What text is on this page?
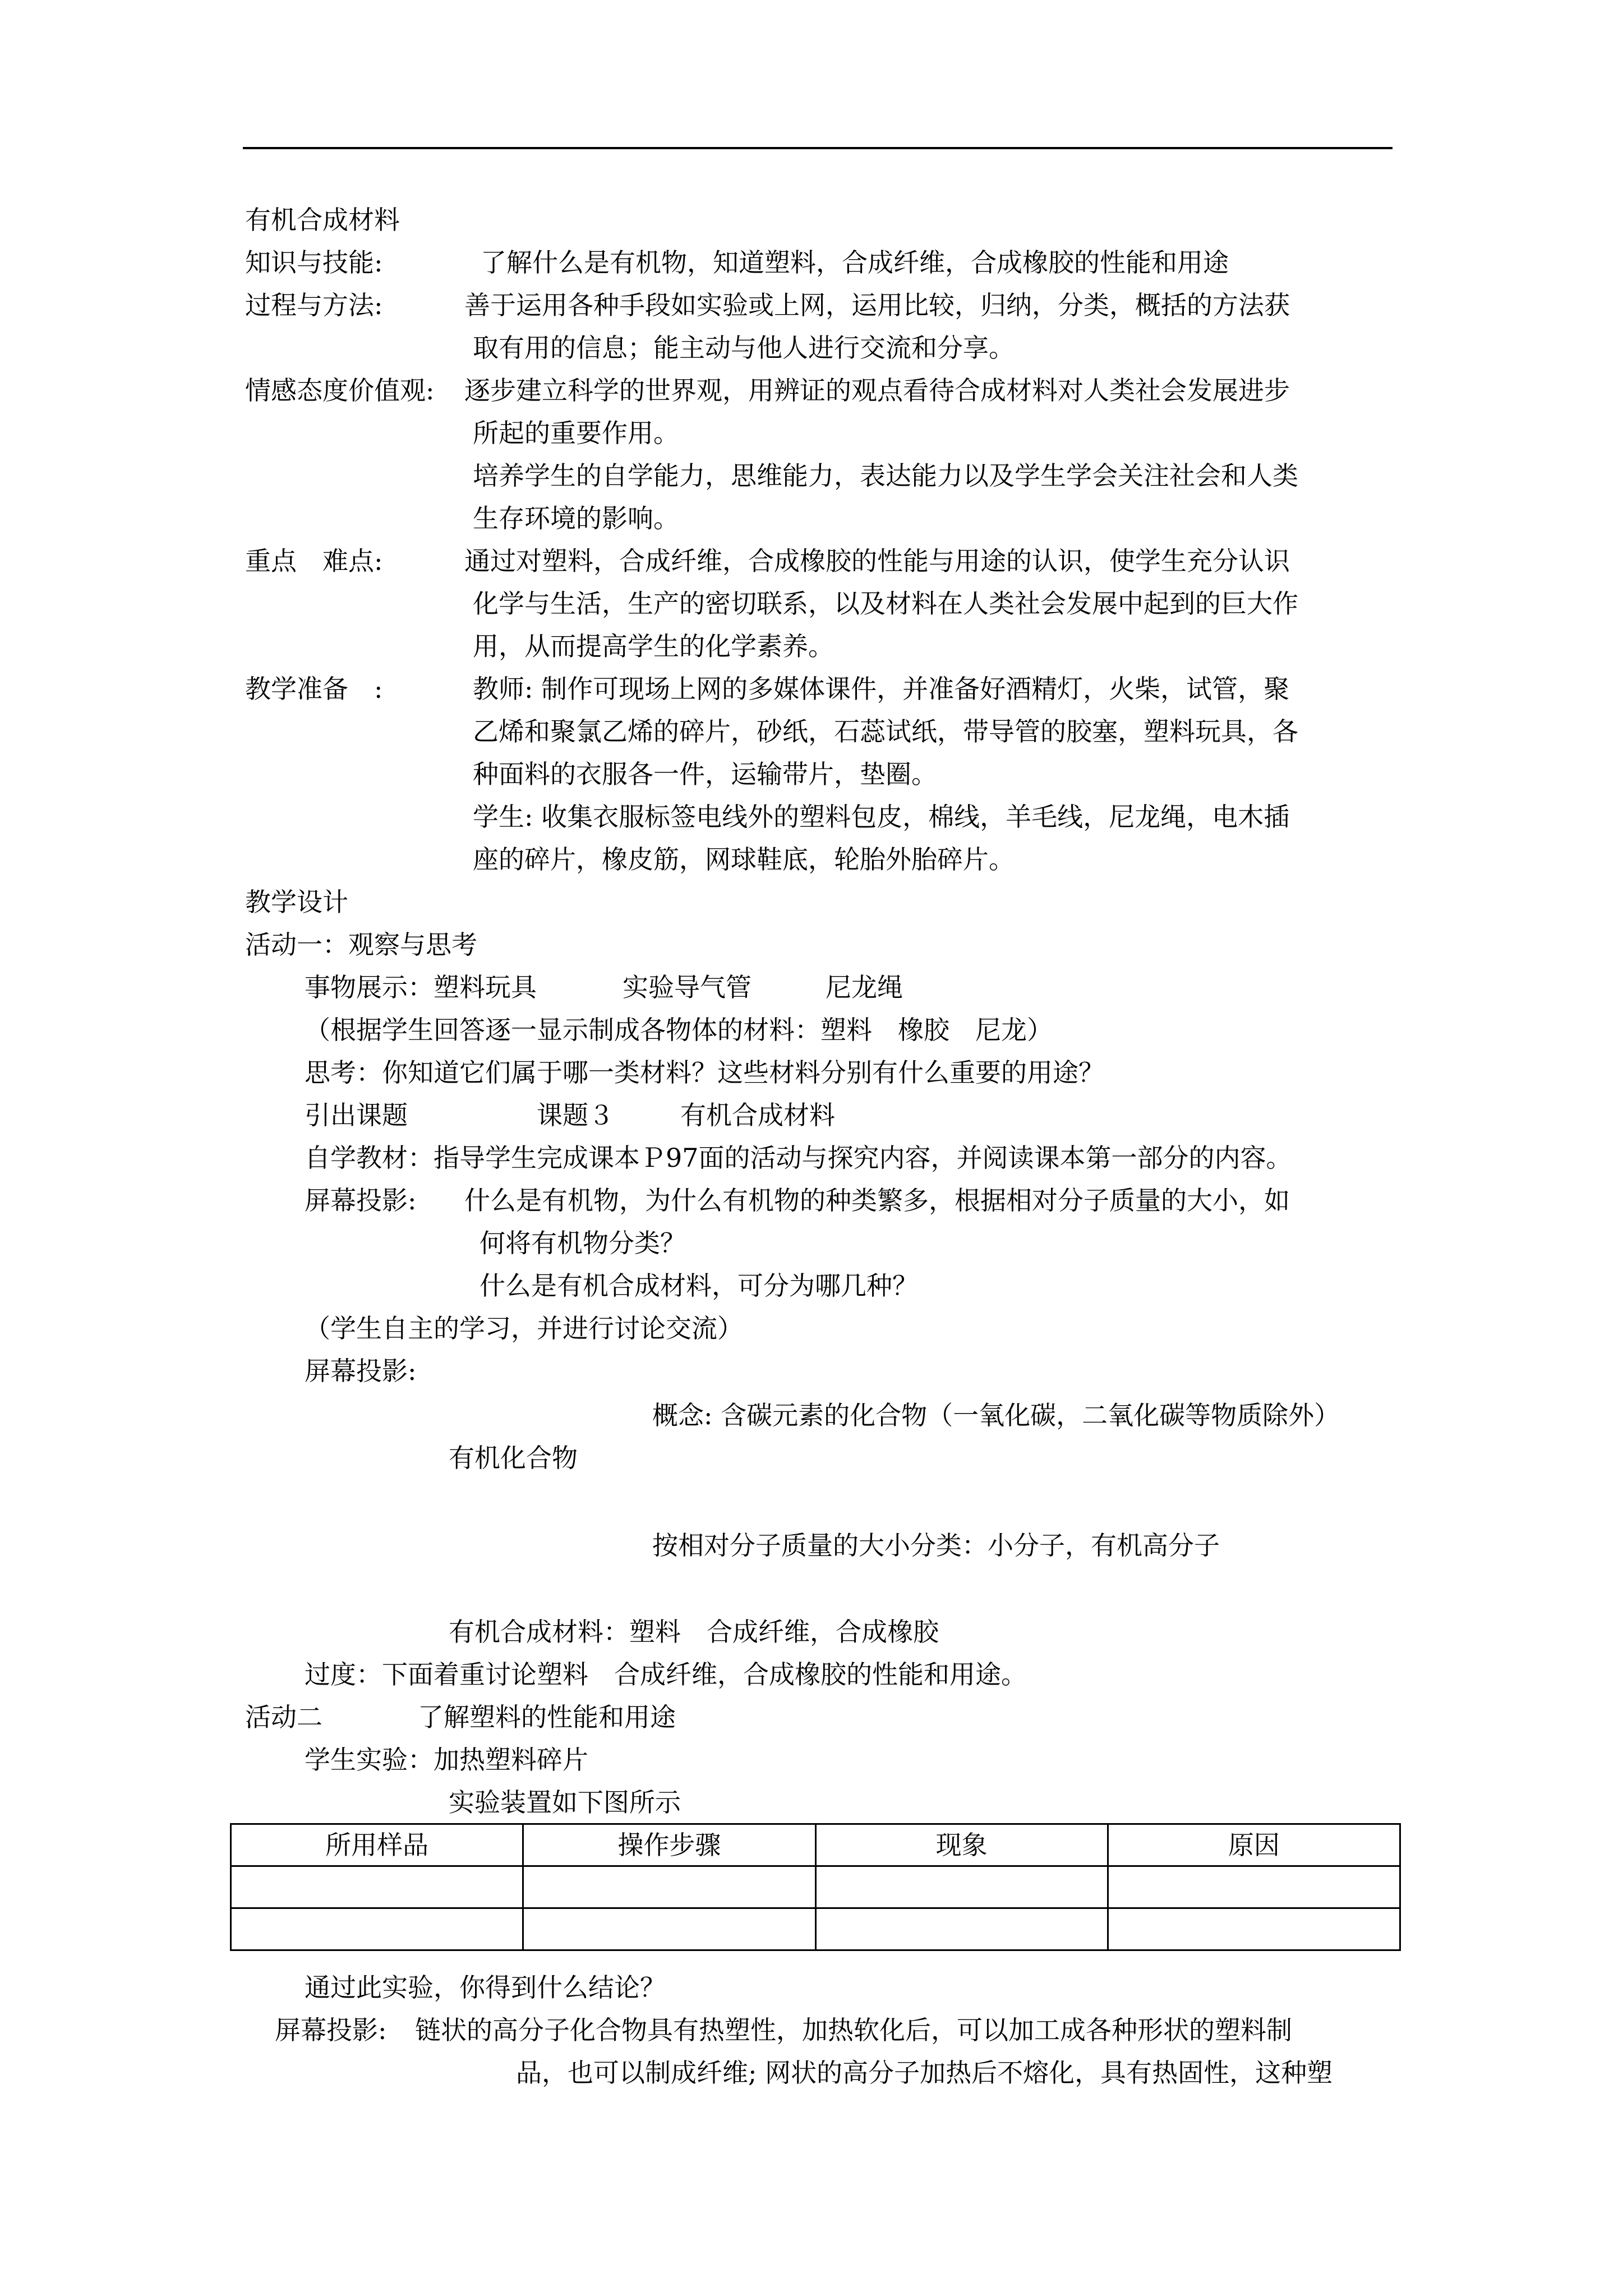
有机合成材料
知识与技能:	了解什么是有机物，知道塑料，合成纤维，合成橡胶的性能和用途
过程与方法:	善于运用各种手段如实验或上网，运用比较，归纳，分类，概括的方法获
取有用的信息；能主动与他人进行交流和分享。
情感态度价值观: 逐步建立科学的世界观，用辨证的观点看待合成材料对人类社会发展进步
所起的重要作用。
培养学生的自学能力，思维能力，表达能力以及学生学会关注社会和人类
生存环境的影响。
重点　难点:	通过对塑料，合成纤维，合成橡胶的性能与用途的认识，使学生充分认识
化学与生活，生产的密切联系，以及材料在人类社会发展中起到的巨大作
用，从而提高学生的化学素养。
教学准备　:	教师: 制作可现场上网的多媒体课件，并准备好酒精灯，火柴，试管，聚
乙烯和聚氯乙烯的碎片，砂纸，石蕊试纸，带导管的胶塞，塑料玩具，各
种面料的衣服各一件，运输带片，垫圈。
学生: 收集衣服标签电线外的塑料包皮，棉线，羊毛线，尼龙绳，电木插
座的碎片，橡皮筋，网球鞋底，轮胎外胎碎片。
教学设计
活动一：观察与思考
事物展示：塑料玩具	实验导气管	尼龙绳
（根据学生回答逐一显示制成各物体的材料：塑料　橡胶　尼龙）
思考：你知道它们属于哪一类材料？这些材料分别有什么重要的用途？
引出课题	课题３	有机合成材料
自学教材：指导学生完成课本Ｐ97面的活动与探究内容，并阅读课本第一部分的内容。
屏幕投影: 什么是有机物，为什么有机物的种类繁多，根据相对分子质量的大小，如
何将有机物分类？
什么是有机合成材料，可分为哪几种？
（学生自主的学习，并进行讨论交流）
屏幕投影:
概念: 含碳元素的化合物（一氧化碳，二氧化碳等物质除外）
有机化合物
按相对分子质量的大小分类：小分子，有机高分子
有机合成材料：塑料　合成纤维，合成橡胶
过度：下面着重讨论塑料　合成纤维，合成橡胶的性能和用途。
活动二	了解塑料的性能和用途
学生实验：加热塑料碎片
实验装置如下图所示
所用样品	操作步骤	现象	原因

通过此实验，你得到什么结论？
屏幕投影: 链状的高分子化合物具有热塑性，加热软化后，可以加工成各种形状的塑料制
品，也可以制成纤维; 网状的高分子加热后不熔化，具有热固性，这种塑
